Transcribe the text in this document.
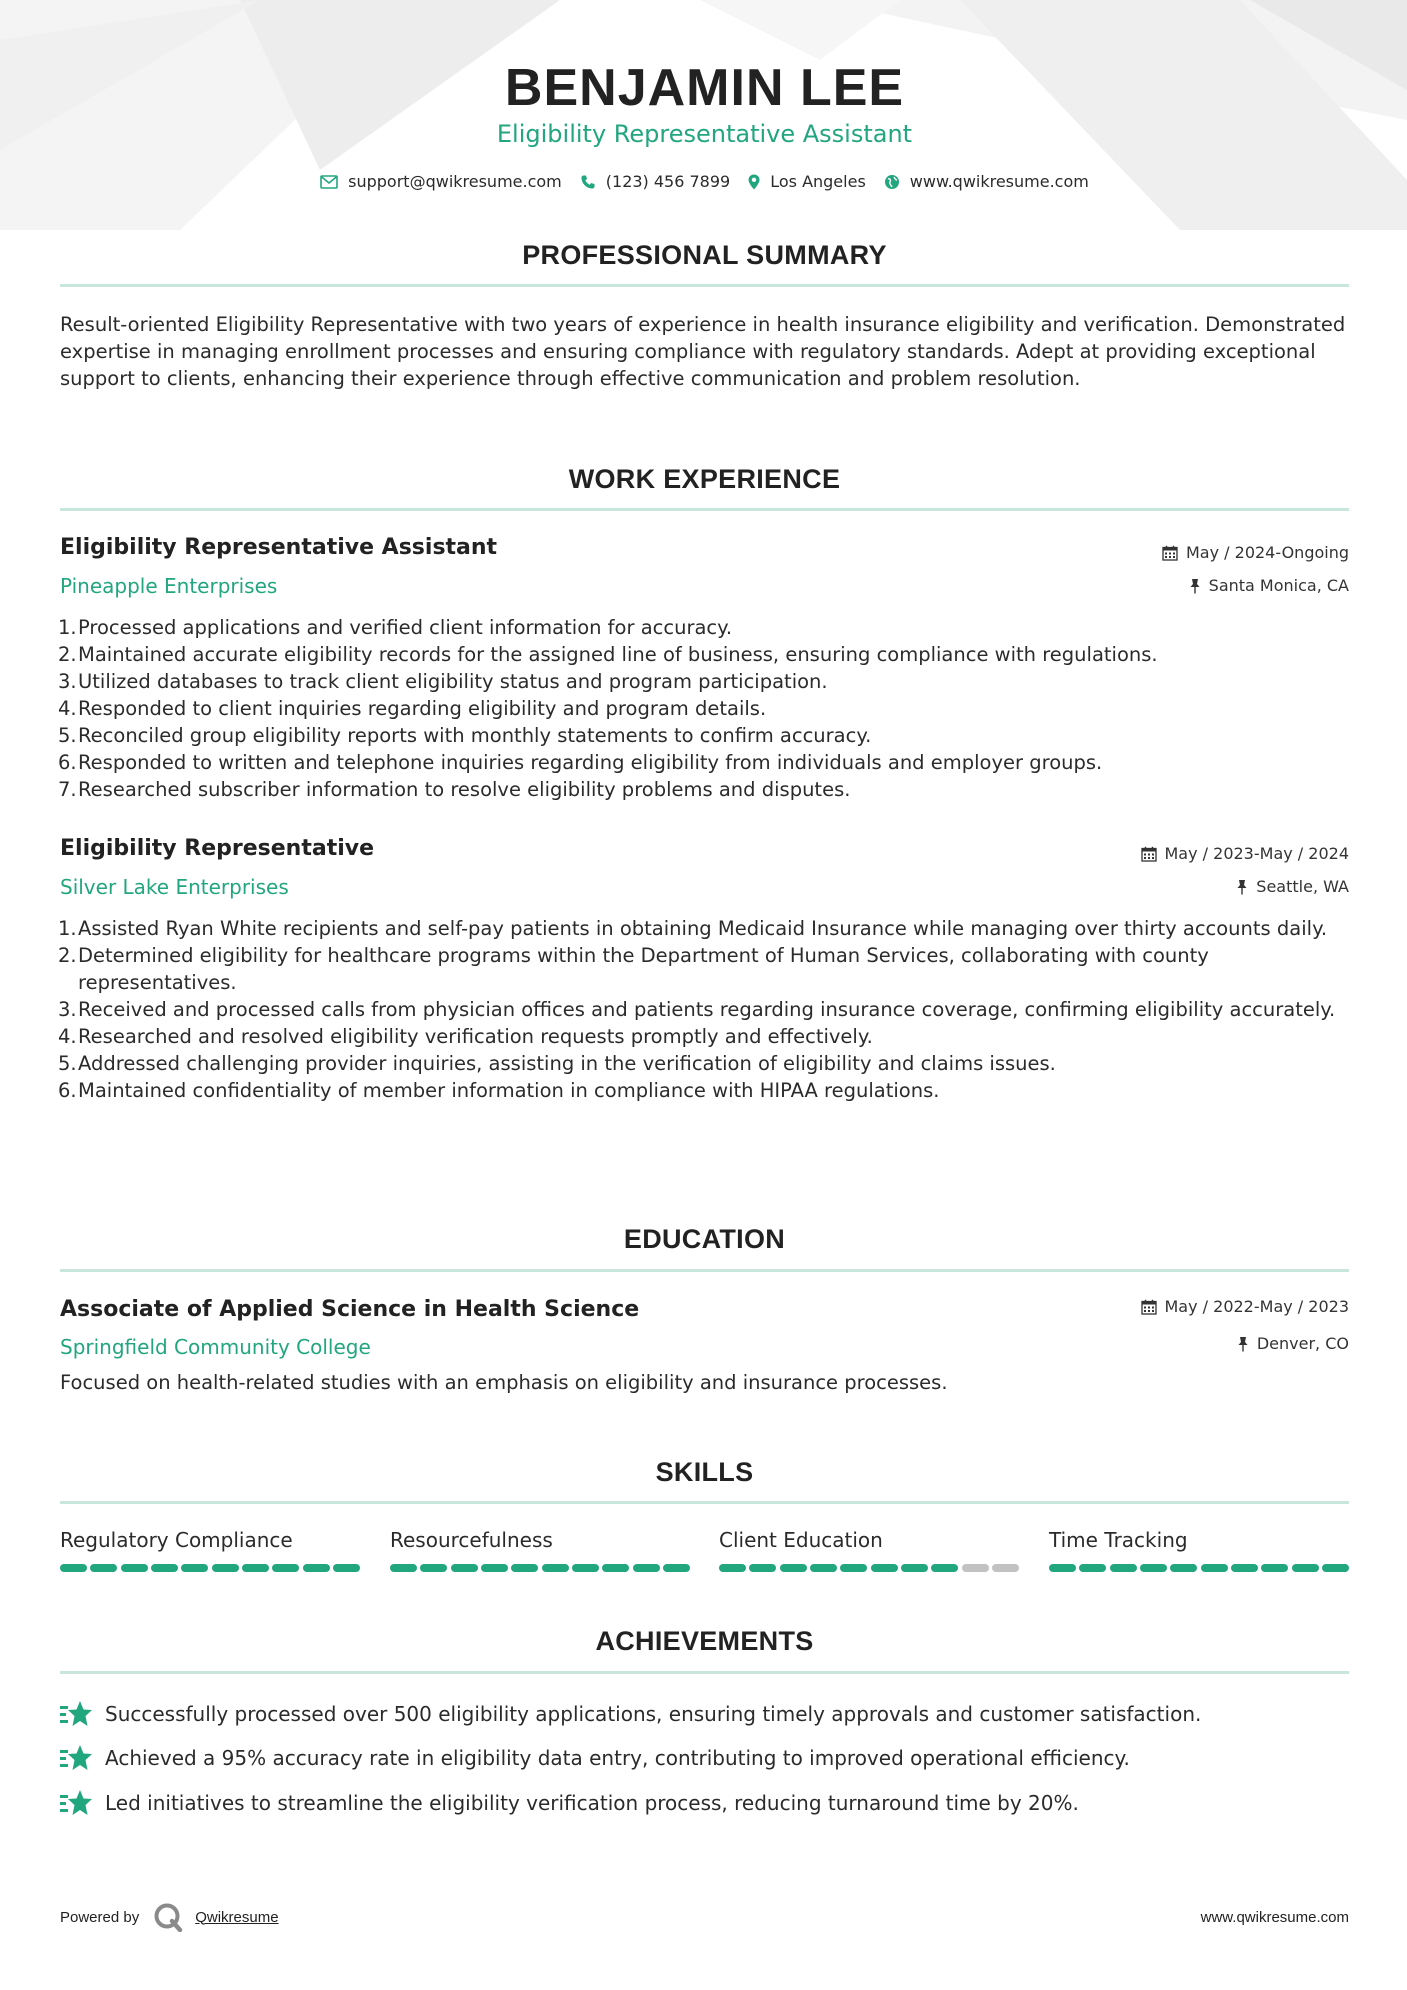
BENJAMIN LEE
Eligibility Representative Assistant
support@qwikresume.com	(123) 456 7899	Los Angeles	www.qwikresume.com
PROFESSIONAL SUMMARY
Result-oriented Eligibility Representative with two years of experience in health insurance eligibility and verification. Demonstrated expertise in managing enrollment processes and ensuring compliance with regulatory standards. Adept at providing exceptional support to clients, enhancing their experience through effective communication and problem resolution.
WORK EXPERIENCE
Eligibility Representative Assistant	May / 2024-Ongoing
Pineapple Enterprises	Santa Monica, CA
1. Processed applications and verified client information for accuracy.
2. Maintained accurate eligibility records for the assigned line of business, ensuring compliance with regulations.
3. Utilized databases to track client eligibility status and program participation.
4. Responded to client inquiries regarding eligibility and program details.
5. Reconciled group eligibility reports with monthly statements to confirm accuracy.
6. Responded to written and telephone inquiries regarding eligibility from individuals and employer groups.
7. Researched subscriber information to resolve eligibility problems and disputes.
Eligibility Representative	May / 2023-May / 2024
Silver Lake Enterprises	Seattle, WA
1. Assisted Ryan White recipients and self-pay patients in obtaining Medicaid Insurance while managing over thirty accounts daily.
2. Determined eligibility for healthcare programs within the Department of Human Services, collaborating with county representatives.
3. Received and processed calls from physician offices and patients regarding insurance coverage, confirming eligibility accurately.
4. Researched and resolved eligibility verification requests promptly and effectively.
5. Addressed challenging provider inquiries, assisting in the verification of eligibility and claims issues.
6. Maintained confidentiality of member information in compliance with HIPAA regulations.
EDUCATION
Associate of Applied Science in Health Science	May / 2022-May / 2023
Springfield Community College	Denver, CO
Focused on health-related studies with an emphasis on eligibility and insurance processes.
SKILLS
Regulatory Compliance	Resourcefulness	Client Education	Time Tracking
ACHIEVEMENTS
Successfully processed over 500 eligibility applications, ensuring timely approvals and customer satisfaction.
Achieved a 95% accuracy rate in eligibility data entry, contributing to improved operational efficiency.
Led initiatives to streamline the eligibility verification process, reducing turnaround time by 20%.
Powered by	Qwikresume	www.qwikresume.com
